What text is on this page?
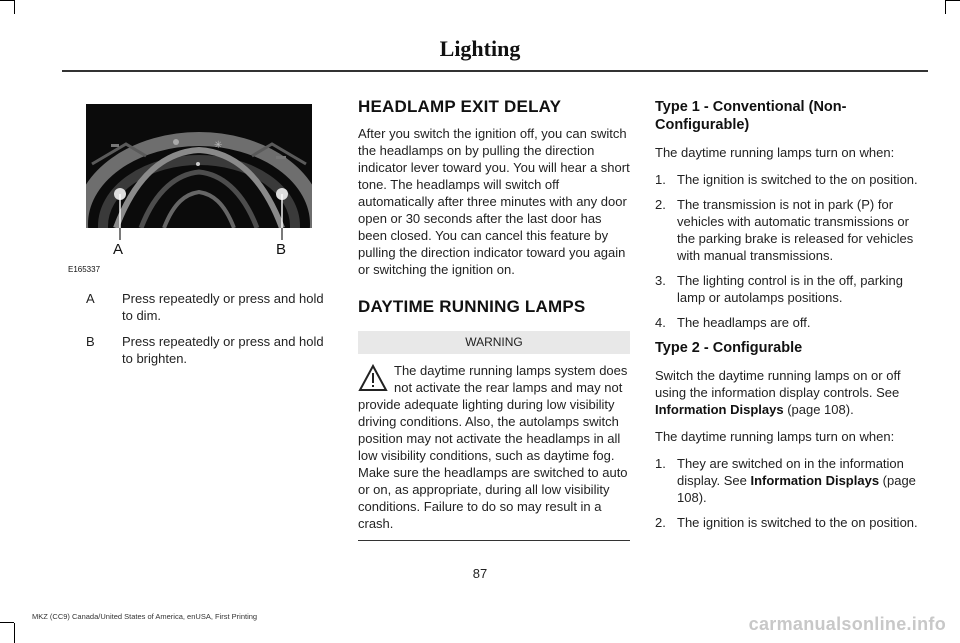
Lighting
✳
A	B
E165337
A	Press repeatedly or press and hold to dim.
B	Press repeatedly or press and hold to brighten.
HEADLAMP EXIT DELAY

After you switch the ignition off, you can switch the headlamps on by pulling the direction indicator lever toward you. You will hear a short tone. The headlamps will switch off automatically after three minutes with any door open or 30 seconds after the last door has been closed. You can cancel this feature by pulling the direction indicator toward you again or switching the ignition on.

DAYTIME RUNNING LAMPS
WARNING
The daytime running lamps system does not activate the rear lamps and may not provide adequate lighting during low visibility driving conditions. Also, the autolamps switch position may not activate the headlamps in all low visibility conditions, such as daytime fog. Make sure the headlamps are switched to auto or on, as appropriate, during all low visibility conditions. Failure to do so may result in a crash.
Type 1 - Conventional (Non-Configurable)

The daytime running lamps turn on when:

1. The ignition is switched to the on position.
2. The transmission is not in park (P) for vehicles with automatic transmissions or the parking brake is released for vehicles with manual transmissions.
3. The lighting control is in the off, parking lamp or autolamps positions.
4. The headlamps are off.
Type 2 - Configurable

Switch the daytime running lamps on or off using the information display controls. See Information Displays (page 108).

The daytime running lamps turn on when:

1. They are switched on in the information display. See Information Displays (page 108).
2. The ignition is switched to the on position.
87
MKZ (CC9) Canada/United States of America, enUSA, First Printing	carmanualsonline.info
